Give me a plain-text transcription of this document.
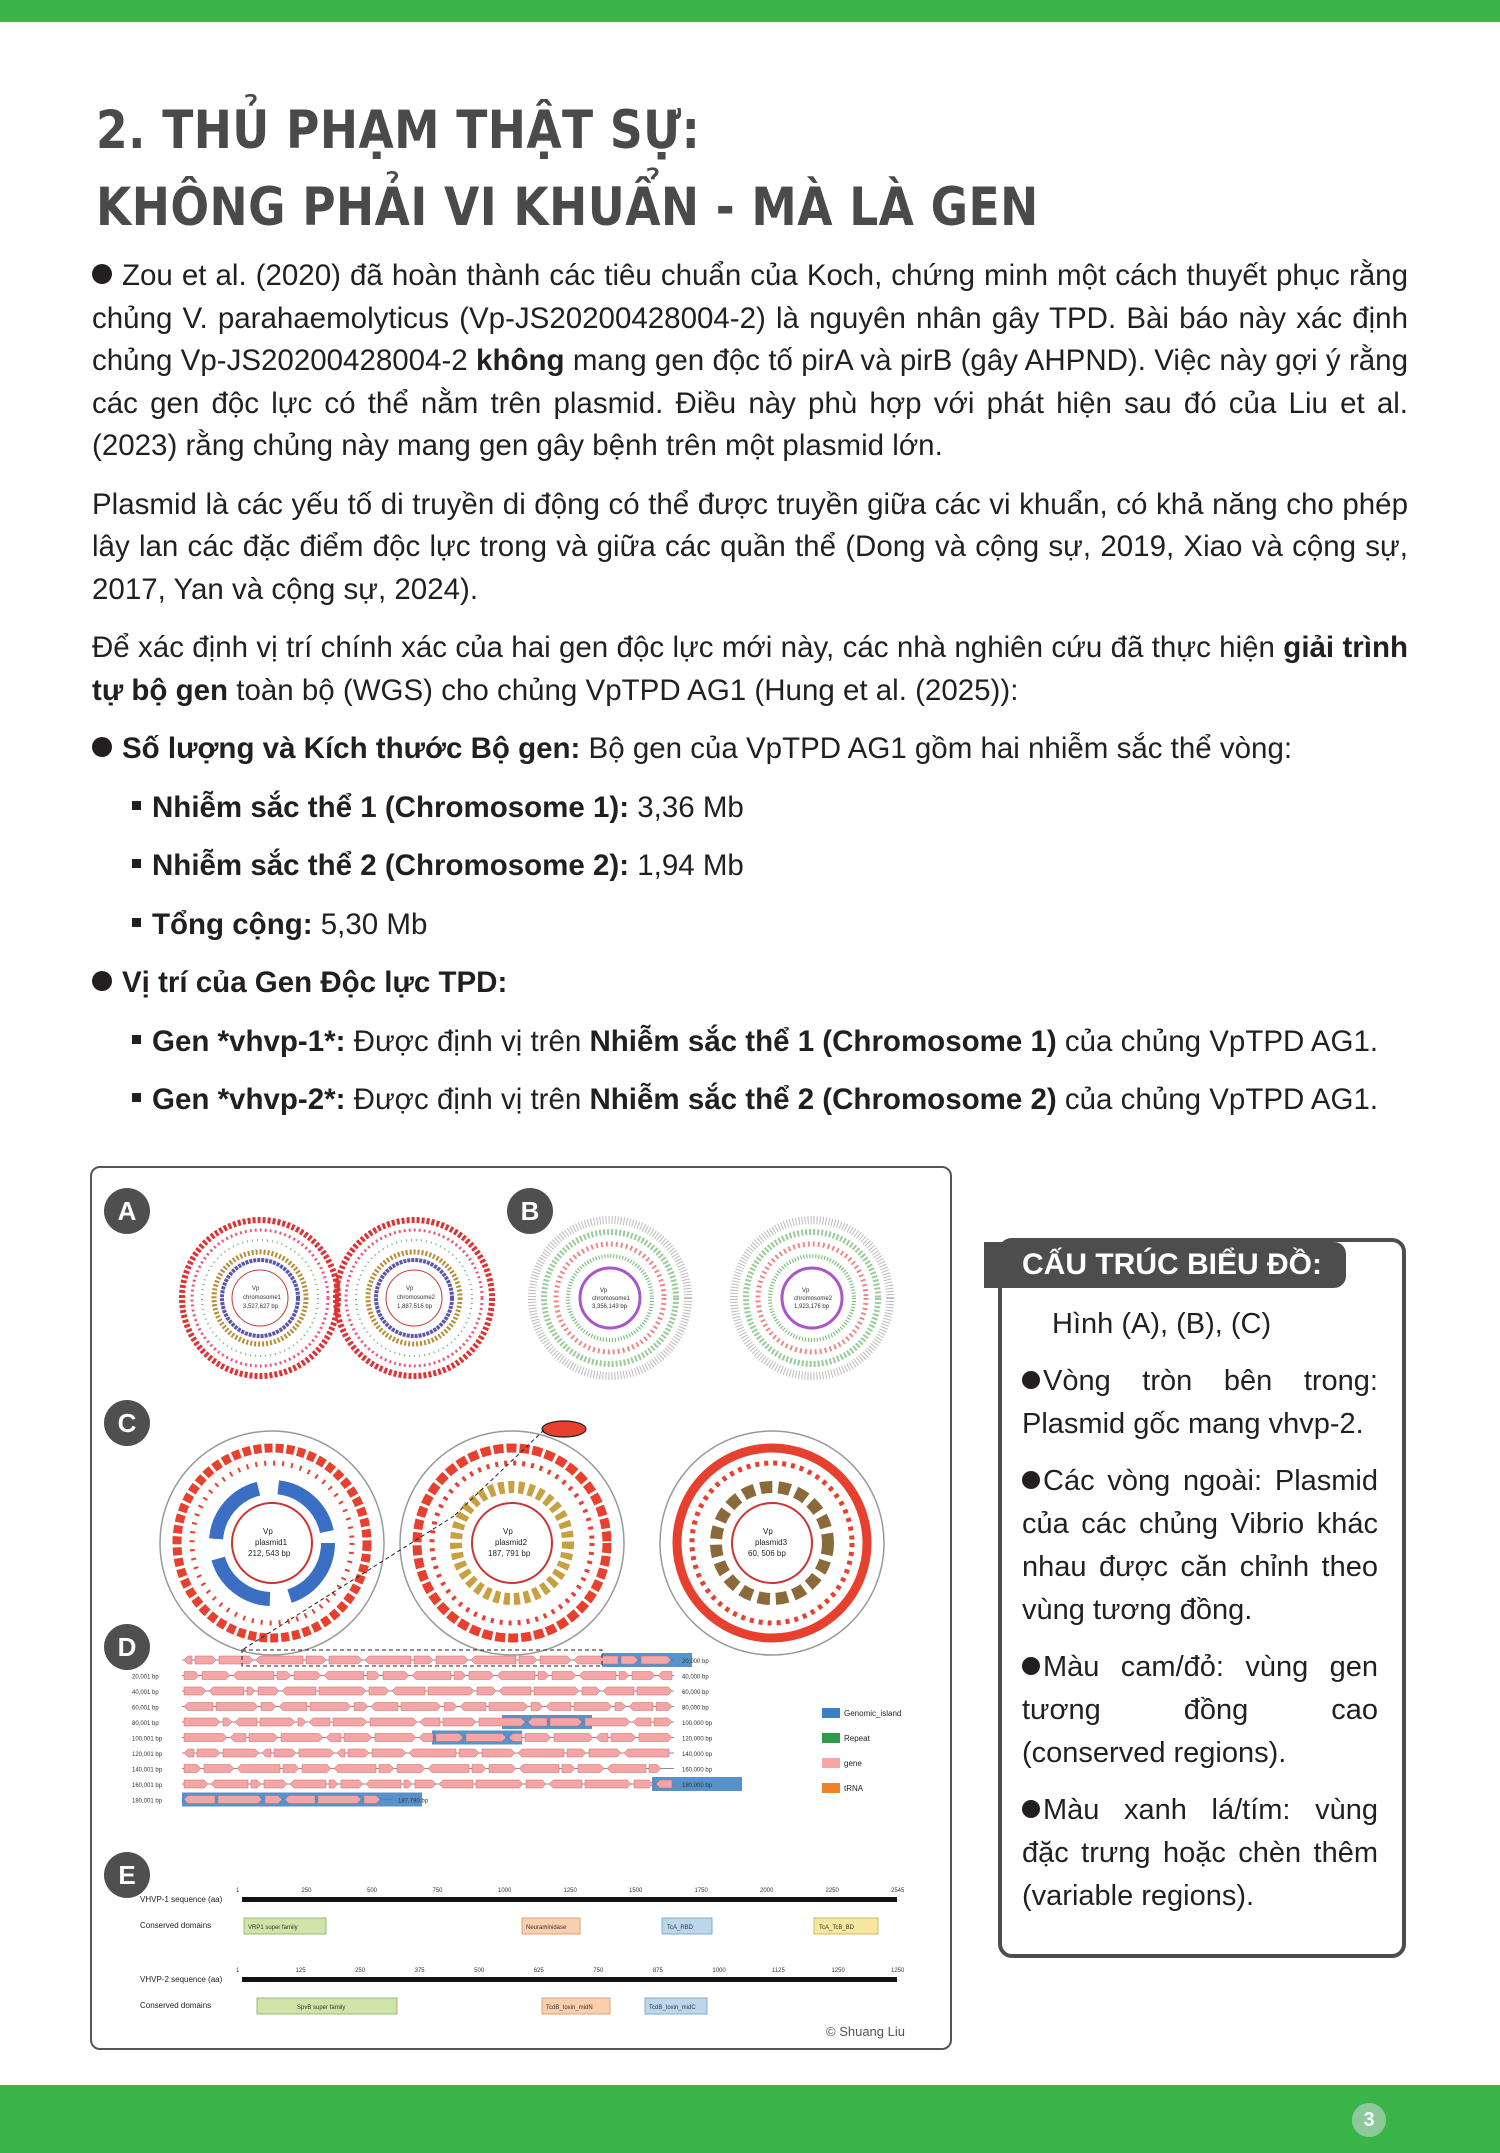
2. THỦ PHẠM THẬT SỰ:
KHÔNG PHẢI VI KHUẨN - MÀ LÀ GEN

Zou et al. (2020) đã hoàn thành các tiêu chuẩn của Koch, chứng minh một cách thuyết phục rằng chủng V. parahaemolyticus (Vp-JS20200428004-2) là nguyên nhân gây TPD. Bài báo này xác định chủng Vp-JS20200428004-2 không mang gen độc tố pirA và pirB (gây AHPND). Việc này gợi ý rằng các gen độc lực có thể nằm trên plasmid. Điều này phù hợp với phát hiện sau đó của Liu et al. (2023) rằng chủng này mang gen gây bệnh trên một plasmid lớn.

Plasmid là các yếu tố di truyền di động có thể được truyền giữa các vi khuẩn, có khả năng cho phép lây lan các đặc điểm độc lực trong và giữa các quần thể (Dong và cộng sự, 2019, Xiao và cộng sự, 2017, Yan và cộng sự, 2024).

Để xác định vị trí chính xác của hai gen độc lực mới này, các nhà nghiên cứu đã thực hiện giải trình tự bộ gen toàn bộ (WGS) cho chủng VpTPD AG1 (Hung et al. (2025)):

Số lượng và Kích thước Bộ gen: Bộ gen của VpTPD AG1 gồm hai nhiễm sắc thể vòng:
Nhiễm sắc thể 1 (Chromosome 1): 3,36 Mb
Nhiễm sắc thể 2 (Chromosome 2): 1,94 Mb
Tổng cộng: 5,30 Mb
Vị trí của Gen Độc lực TPD:
Gen *vhvp-1*: Được định vị trên Nhiễm sắc thể 1 (Chromosome 1) của chủng VpTPD AG1.
Gen *vhvp-2*: Được định vị trên Nhiễm sắc thể 2 (Chromosome 2) của chủng VpTPD AG1.
Vp
chromosome1
3,527,627 bp
Vp
chromosome2
1,887,516 bp
Vp
chromosome1
3,356,143 bp
Vp
chromosome2
1,923,176 bp
Vp
plasmid1
212, 543 bp
Vp
plasmid2
187, 791 bp
Vp
plasmid3
60, 506 bp
20,000 bp
20,001 bp	40,000 bp
40,001 bp	60,000 bp
60,001 bp	80,000 bp
80,001 bp	100,000 bp
100,001 bp	120,000 bp
120,001 bp	140,000 bp
140,001 bp	160,000 bp
160,001 bp	180,000 bp
180,001 bp	187,790 bp
Genomic_island
Repeat
gene
tRNA
VHVP-1 sequence (aa)
1	250	500	750	1000	1250	1500	1750	2000	2250	2545
Conserved domains	VRP1 super family	Neuraminidase	TcA_RBD	TcA_TcB_BD
VHVP-2 sequence (aa)
1	125	250	375	500	625	750	875	1000	1125	1250	1250
Conserved domains	SpvB super family	TcdB_toxin_midN	TcdB_toxin_midC
A	B
C
D
E
© Shuang Liu
CẤU TRÚC BIỂU ĐỒ:

Hình (A), (B), (C)

Vòng tròn bên trong: Plasmid gốc mang vhvp-2.

Các vòng ngoài: Plasmid của các chủng Vibrio khác nhau được căn chỉnh theo vùng tương đồng.

Màu cam/đỏ: vùng gen tương đồng cao (conserved regions).

Màu xanh lá/tím: vùng đặc trưng hoặc chèn thêm (variable regions).

3
